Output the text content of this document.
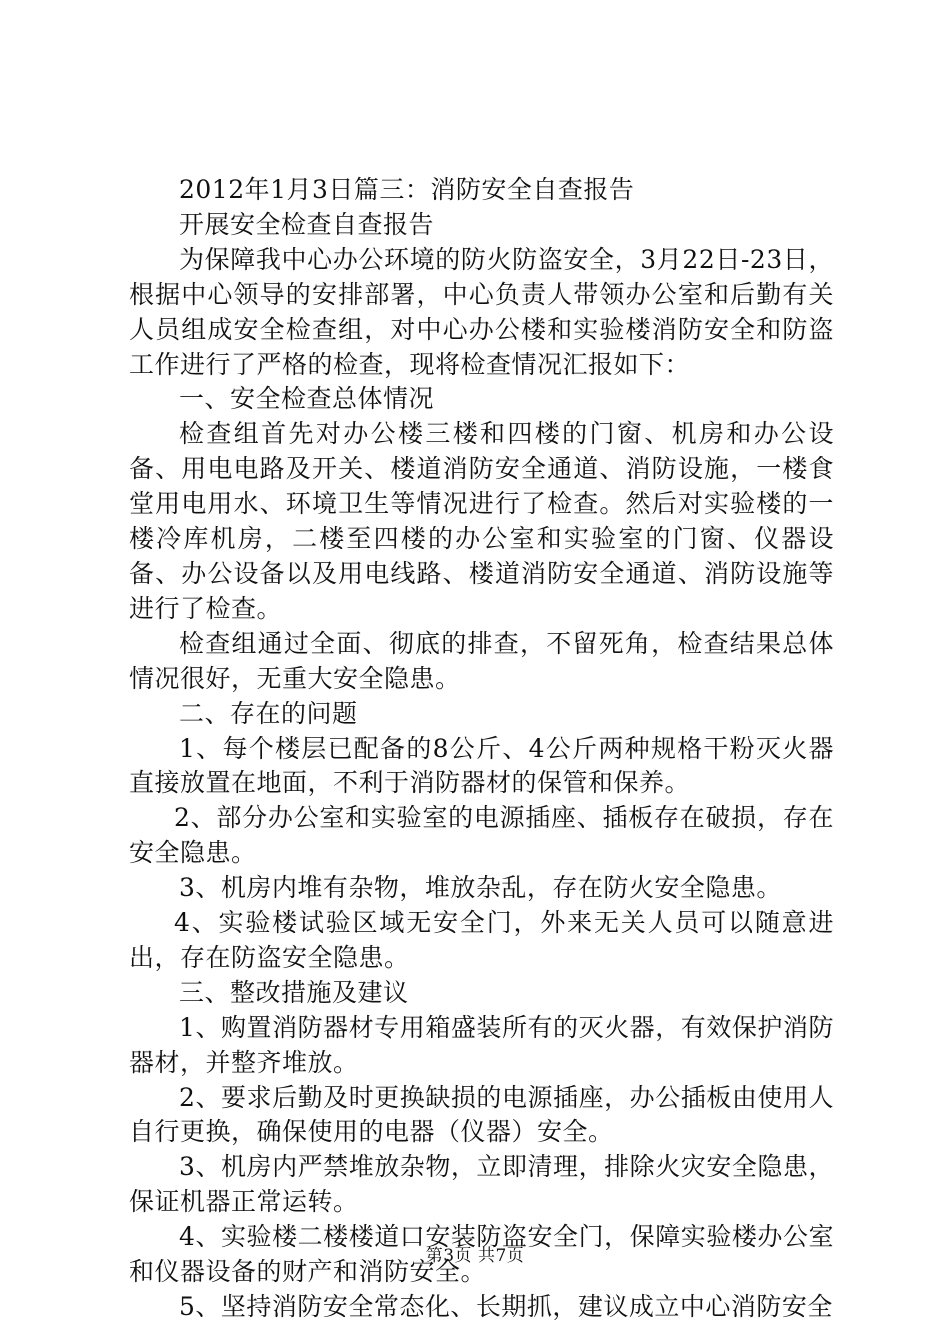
2012年1月3日篇三：消防安全自查报告

开展安全检查自查报告

为保障我中心办公环境的防火防盗安全，3月22日-23日，根据中心领导的安排部署，中心负责人带领办公室和后勤有关人员组成安全检查组，对中心办公楼和实验楼消防安全和防盗工作进行了严格的检查，现将检查情况汇报如下：

一、安全检查总体情况

检查组首先对办公楼三楼和四楼的门窗、机房和办公设备、用电电路及开关、楼道消防安全通道、消防设施，一楼食堂用电用水、环境卫生等情况进行了检查。然后对实验楼的一楼冷库机房，二楼至四楼的办公室和实验室的门窗、仪器设备、办公设备以及用电线路、楼道消防安全通道、消防设施等进行了检查。

检查组通过全面、彻底的排查，不留死角，检查结果总体情况很好，无重大安全隐患。

二、存在的问题

1、每个楼层已配备的8公斤、4公斤两种规格干粉灭火器直接放置在地面，不利于消防器材的保管和保养。

2、部分办公室和实验室的电源插座、插板存在破损，存在安全隐患。

3、机房内堆有杂物，堆放杂乱，存在防火安全隐患。

4、实验楼试验区域无安全门，外来无关人员可以随意进出，存在防盗安全隐患。

三、整改措施及建议

1、购置消防器材专用箱盛装所有的灭火器，有效保护消防器材，并整齐堆放。

2、要求后勤及时更换缺损的电源插座，办公插板由使用人自行更换，确保使用的电器（仪器）安全。

3、机房内严禁堆放杂物，立即清理，排除火灾安全隐患，保证机器正常运转。

4、实验楼二楼楼道口安装防盗安全门，保障实验楼办公室和仪器设备的财产和消防安全。

5、坚持消防安全常态化、长期抓，建议成立中心消防安全

第3页 共7页
